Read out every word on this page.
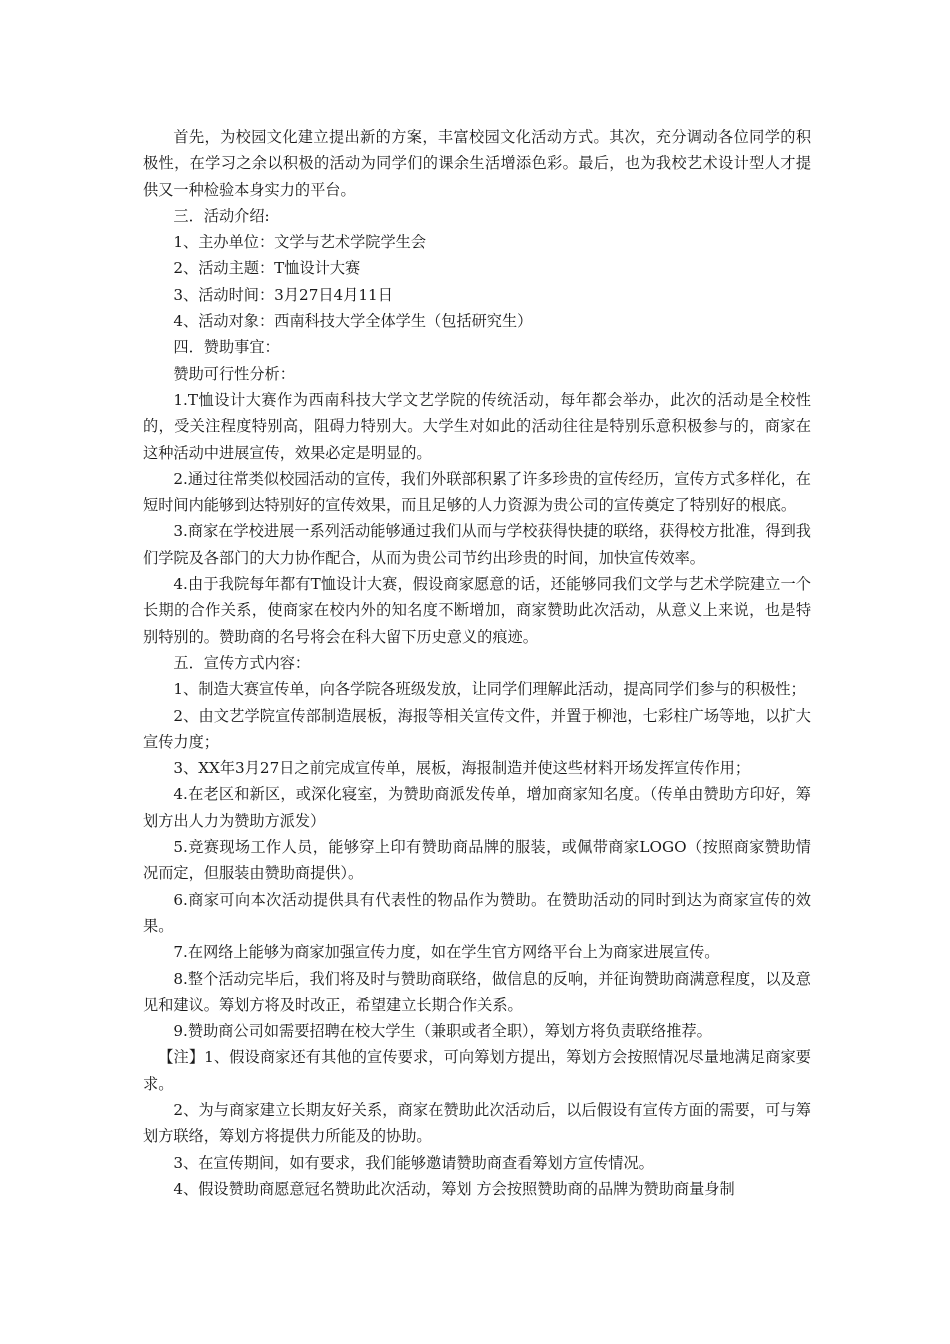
首先，为校园文化建立提出新的方案，丰富校园文化活动方式。其次，充分调动各位同学的积极性，在学习之余以积极的活动为同学们的课余生活增添色彩。最后，也为我校艺术设计型人才提供又一种检验本身实力的平台。

三．活动介绍:

1、主办单位：文学与艺术学院学生会

2、活动主题：T恤设计大赛

3、活动时间：3月27日4月11日

4、活动对象：西南科技大学全体学生（包括研究生）

四．赞助事宜：

赞助可行性分析：

1.T恤设计大赛作为西南科技大学文艺学院的传统活动，每年都会举办，此次的活动是全校性的，受关注程度特别高，阻碍力特别大。大学生对如此的活动往往是特别乐意积极参与的，商家在这种活动中进展宣传，效果必定是明显的。

2.通过往常类似校园活动的宣传，我们外联部积累了许多珍贵的宣传经历，宣传方式多样化，在短时间内能够到达特别好的宣传效果，而且足够的人力资源为贵公司的宣传奠定了特别好的根底。

3.商家在学校进展一系列活动能够通过我们从而与学校获得快捷的联络，获得校方批准，得到我们学院及各部门的大力协作配合，从而为贵公司节约出珍贵的时间，加快宣传效率。

4.由于我院每年都有T恤设计大赛，假设商家愿意的话，还能够同我们文学与艺术学院建立一个长期的合作关系，使商家在校内外的知名度不断增加，商家赞助此次活动，从意义上来说，也是特别特别的。赞助商的名号将会在科大留下历史意义的痕迹。

五．宣传方式内容：

1、制造大赛宣传单，向各学院各班级发放，让同学们理解此活动，提高同学们参与的积极性；

2、由文艺学院宣传部制造展板，海报等相关宣传文件，并置于柳池，七彩柱广场等地，以扩大宣传力度；

3、XX年3月27日之前完成宣传单，展板，海报制造并使这些材料开场发挥宣传作用；

4.在老区和新区，或深化寝室，为赞助商派发传单，增加商家知名度。（传单由赞助方印好，筹划方出人力为赞助方派发）

5.竞赛现场工作人员，能够穿上印有赞助商品牌的服装，或佩带商家LOGO（按照商家赞助情况而定，但服装由赞助商提供）。

6.商家可向本次活动提供具有代表性的物品作为赞助。在赞助活动的同时到达为商家宣传的效果。

7.在网络上能够为商家加强宣传力度，如在学生官方网络平台上为商家进展宣传。

8.整个活动完毕后，我们将及时与赞助商联络，做信息的反响，并征询赞助商满意程度，以及意见和建议。筹划方将及时改正，希望建立长期合作关系。

9.赞助商公司如需要招聘在校大学生（兼职或者全职），筹划方将负责联络推荐。

【注】1、假设商家还有其他的宣传要求，可向筹划方提出，筹划方会按照情况尽量地满足商家要求。

2、为与商家建立长期友好关系，商家在赞助此次活动后，以后假设有宣传方面的需要，可与筹划方联络，筹划方将提供力所能及的协助。

3、在宣传期间，如有要求，我们能够邀请赞助商查看筹划方宣传情况。

4、假设赞助商愿意冠名赞助此次活动，筹划 方会按照赞助商的品牌为赞助商量身制
